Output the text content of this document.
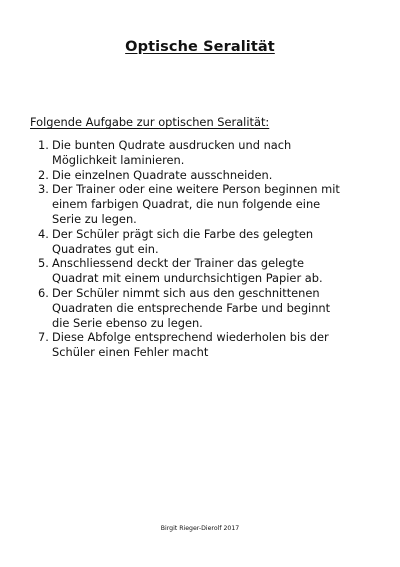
Optische Seralität
Folgende Aufgabe zur optischen Seralität:
1. Die bunten Qudrate ausdrucken und nach
Möglichkeit laminieren.
2. Die einzelnen Quadrate ausschneiden.
3. Der Trainer oder eine weitere Person beginnen mit
einem farbigen Quadrat, die nun folgende eine
Serie zu legen.
4. Der Schüler prägt sich die Farbe des gelegten
Quadrates gut ein.
5. Anschliessend deckt der Trainer das gelegte
Quadrat mit einem undurchsichtigen Papier ab.
6. Der Schüler nimmt sich aus den geschnittenen
Quadraten die entsprechende Farbe und beginnt
die Serie ebenso zu legen.
7. Diese Abfolge entsprechend wiederholen bis der
Schüler einen Fehler macht
Birgit Rieger-Dierolf 2017
